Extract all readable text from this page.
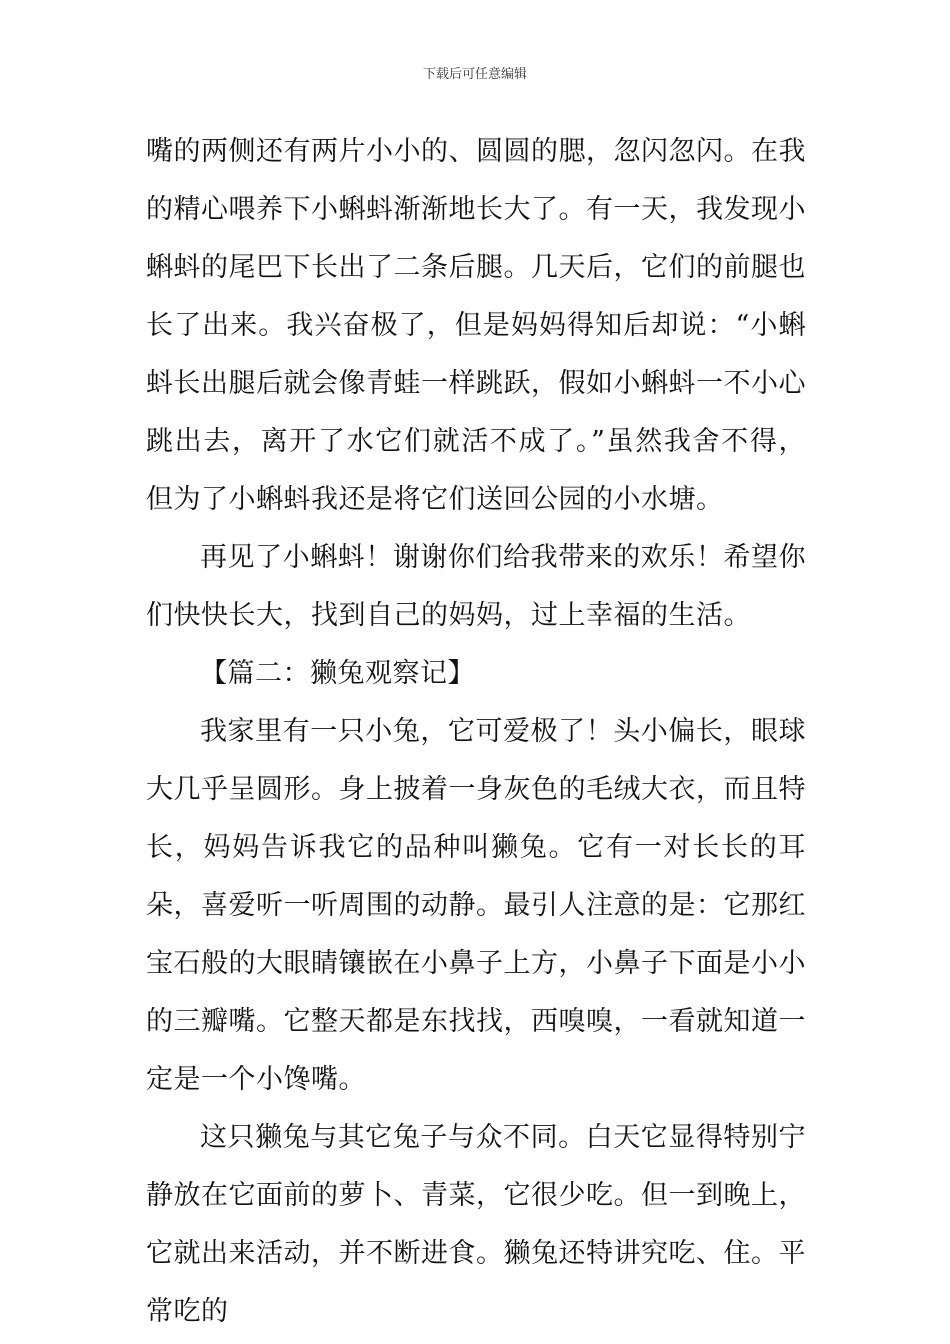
下载后可任意编辑

嘴的两侧还有两片小小的、圆圆的腮，忽闪忽闪。在我的精心喂养下小蝌蚪渐渐地长大了。有一天，我发现小蝌蚪的尾巴下长出了二条后腿。几天后，它们的前腿也长了出来。我兴奋极了，但是妈妈得知后却说：“小蝌蚪长出腿后就会像青蛙一样跳跃，假如小蝌蚪一不小心跳出去，离开了水它们就活不成了。”虽然我舍不得，但为了小蝌蚪我还是将它们送回公园的小水塘。

再见了小蝌蚪！谢谢你们给我带来的欢乐！希望你们快快长大，找到自己的妈妈，过上幸福的生活。

【篇二：獭兔观察记】

我家里有一只小兔，它可爱极了！头小偏长，眼球大几乎呈圆形。身上披着一身灰色的毛绒大衣，而且特长，妈妈告诉我它的品种叫獭兔。它有一对长长的耳朵，喜爱听一听周围的动静。最引人注意的是：它那红宝石般的大眼睛镶嵌在小鼻子上方，小鼻子下面是小小的三瓣嘴。它整天都是东找找，西嗅嗅，一看就知道一定是一个小馋嘴。

这只獭兔与其它兔子与众不同。白天它显得特别宁静放在它面前的萝卜、青菜，它很少吃。但一到晚上，它就出来活动，并不断进食。獭兔还特讲究吃、住。平常吃的
